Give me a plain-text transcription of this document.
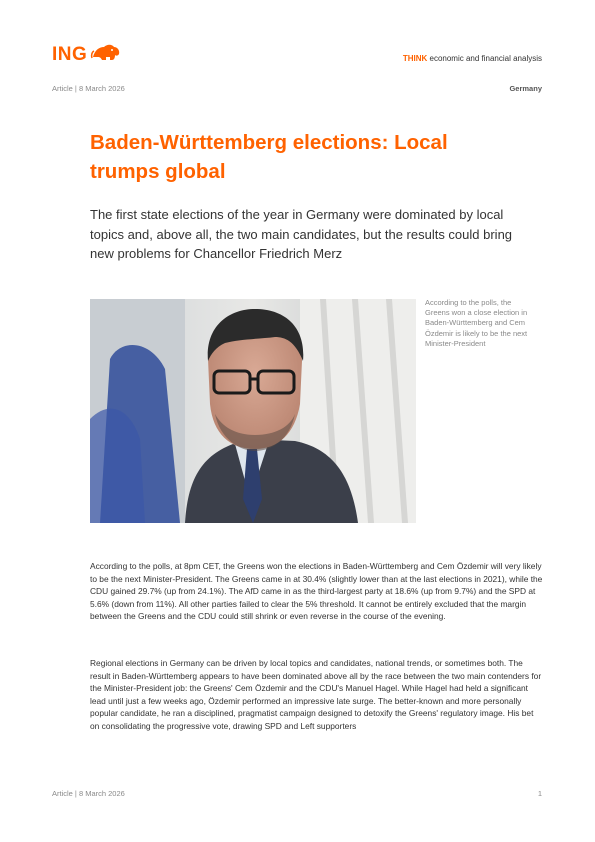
ING	THINK economic and financial analysis
Article | 8 March 2026	Germany
Baden-Württemberg elections: Local trumps global

The first state elections of the year in Germany were dominated by local topics and, above all, the two main candidates, but the results could bring new problems for Chancellor Friedrich Merz

According to the polls, the Greens won a close election in Baden-Württemberg and Cem Özdemir is likely to be the next Minister-President

According to the polls, at 8pm CET, the Greens won the elections in Baden-Württemberg and Cem Özdemir will very likely to be the next Minister-President. The Greens came in at 30.4% (slightly lower than at the last elections in 2021), while the CDU gained 29.7% (up from 24.1%). The AfD came in as the third-largest party at 18.6% (up from 9.7%) and the SPD at 5.6% (down from 11%). All other parties failed to clear the 5% threshold. It cannot be entirely excluded that the margin between the Greens and the CDU could still shrink or even reverse in the course of the evening.

Regional elections in Germany can be driven by local topics and candidates, national trends, or sometimes both. The result in Baden-Württemberg appears to have been dominated above all by the race between the two main contenders for the Minister-President job: the Greens' Cem Özdemir and the CDU's Manuel Hagel. While Hagel had held a significant lead until just a few weeks ago, Özdemir performed an impressive late surge. The better-known and more personally popular candidate, he ran a disciplined, pragmatist campaign designed to detoxify the Greens' regulatory image. His bet on consolidating the progressive vote, drawing SPD and Left supporters

Article | 8 March 2026	1
